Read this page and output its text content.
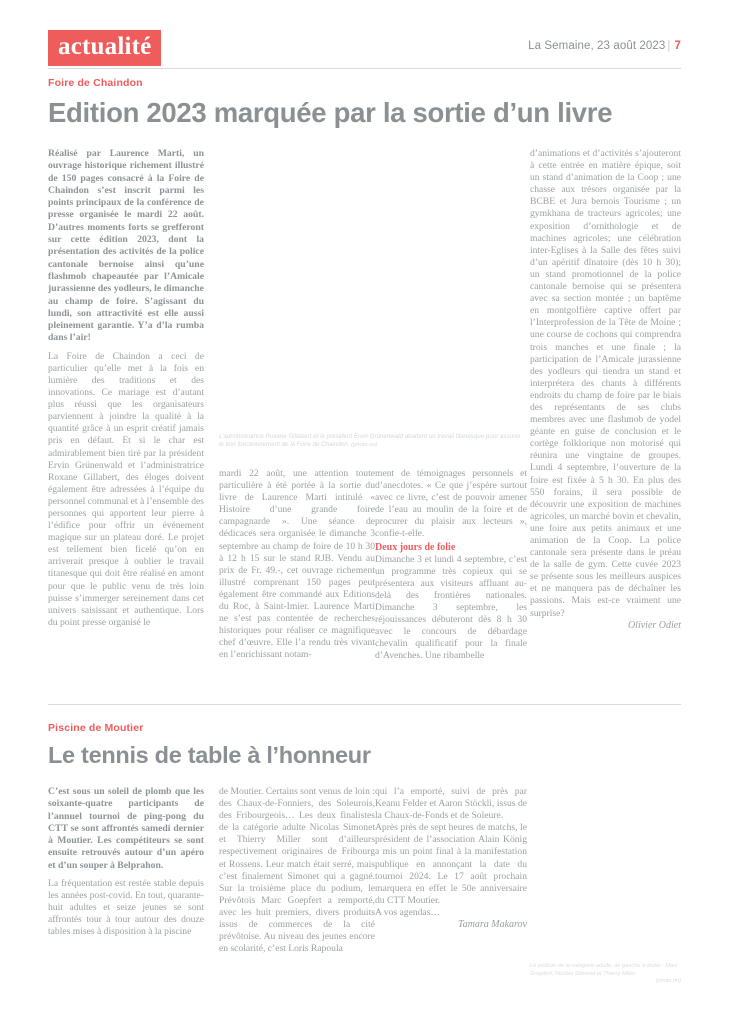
actualité	La Semaine, 23 août 2023 | 7
Foire de Chaindon
Edition 2023 marquée par la sortie d’un livre

Réalisé par Laurence Marti, un ouvrage historique richement illustré de 150 pages consacré à la Foire de Chaindon s’est inscrit parmi les points principaux de la conférence de presse organisée le mardi 22 août. D’autres moments forts se grefferont sur cette édition 2023, dont la présentation des activités de la police cantonale bernoise ainsi qu’une flashmob chapeautée par l’Amicale jurassienne des yodleurs, le dimanche au champ de foire. S’agissant du lundi, son attractivité est elle aussi pleinement garantie. Y’a d’la rumba dans l’air!

La Foire de Chaindon a ceci de particulier qu’elle met à la fois en lumière des traditions et des innovations. Ce mariage est d’autant plus réussi que les organisateurs parviennent à joindre la qualité à la quantité grâce à un esprit créatif jamais pris en défaut. Et si le char est admirablement bien tiré par la président Ervin Grünenwald et l’administratrice Roxane Gillabert, des éloges doivent également être adressées à l’équipe du personnel communal et à l’ensemble des personnes qui apportent leur pierre à l’édifice pour offrir un événement magique sur un plateau doré. Le projet est tellement bien ficelé qu’on en arriverait presque à oublier le travail titanesque qui doit être réalisé en amont pour que le public venu de très loin puisse s’immerger sereinement dans cet univers saisissant et authentique. Lors du point presse organisé le

L’administratrice Roxane Gillabert et le président Ervin Grünenwald abattent un travail titanesque pour assurer le bon fonctionnement de la Foire de Chaindon. (photo oo)

mardi 22 août, une attention toute particulière à été portée à la sortie du livre de Laurence Marti intitulé « Histoire d’une grande foire campagnarde ». Une séance de dédicaces sera organisée le dimanche 3 septembre au champ de foire de 10 h 30 à 12 h 15 sur le stand RJB. Vendu au prix de Fr. 49.-, cet ouvrage richement illustré comprenant 150 pages peut également être commandé aux Editions du Roc, à Saint-Imier. Laurence Marti ne s’est pas contentée de recherches historiques pour réaliser ce magnifique chef d’œuvre. Elle l’a rendu très vivant en l’enrichissant notam-

ment de témoignages personnels et d’anecdotes. « Ce que j’espère surtout avec ce livre, c’est de pouvoir amener de l’eau au moulin de la foire et de procurer du plaisir aux lecteurs », confie-t-elle.

Deux jours de folie

Dimanche 3 et lundi 4 septembre, c’est un programme très copieux qui se présentera aux visiteurs affluant au-delà des frontières nationales. Dimanche 3 septembre, les réjouissances débuteront dès 8 h 30 avec le concours de débardage chevalin qualificatif pour la finale d’Avenches. Une ribambelle

d’animations et d’activités s’ajouteront à cette entrée en matière épique, soit un stand d’animation de la Coop ; une chasse aux trésors organisée par la BCBE et Jura bernois Tourisme ; un gymkhana de tracteurs agricoles; une exposition d’ornithologie et de machines agricoles; une célébration inter-Eglises à la Salle des fêtes suivi d’un apéritif dînatoire (dès 10 h 30); un stand promotionnel de la police cantonale bernoise qui se présentera avec sa section montée ; un baptême en montgolfière captive offert par l’Interprofession de la Tête de Moine ; une course de cochons qui comprendra trois manches et une finale ; la participation de l’Amicale jurassienne des yodleurs qui tiendra un stand et interprétera des chants à différents endroits du champ de foire par le biais des représentants de ses clubs membres avec une flashmob de yodel géante en guise de conclusion et le cortège folklorique non motorisé qui réunira une vingtaine de groupes. Lundi 4 septembre, l’ouverture de la foire est fixée à 5 h 30. En plus des 550 forains, il sera possible de découvrir une exposition de machines agricoles, un marché bovin et chevalin, une foire aux petits animaux et une animation de la Coop. La police cantonale sera présente dans le préau de la salle de gym. Cette cuvée 2023 se présente sous les meilleurs auspices et ne manquera pas de déchaîner les passions. Mais est-ce vraiment une surprise?

Olivier Odiet

Piscine de Moutier
Le tennis de table à l’honneur

C’est sous un soleil de plomb que les soixante-quatre participants de l’annuel tournoi de ping-pong du CTT se sont affrontés samedi dernier à Moutier. Les compétiteurs se sont ensuite retrouvés autour d’un apéro et d’un souper à Belprahon.

La fréquentation est restée stable depuis les années post-covid. En tout, quarante-huit adultes et seize jeunes se sont affrontés tour à tour autour des douze tables mises à disposition à la piscine

de Moutier. Certains sont venus de loin : des Chaux-de-Fonniers, des Soleurois, des Fribourgeois… Les deux finalistes de la catégorie adulte Nicolas Simonet et Thierry Miller sont d’ailleurs respectivement originaires de Fribourg et Rossens. Leur match était serré, mais c’est finalement Simonet qui a gagné. Sur la troisième place du podium, le Prévôtois Marc Goepfert a remporté, avec les huit premiers, divers produits issus de commerces de la cité prévôtoise. Au niveau des jeunes encore en scolarité, c’est Loris Rapoula

qui l’a emporté, suivi de près par Keanu Felder et Aaron Stöckli, issus de la Chaux-de-Fonds et de Soleure.

Après près de sept heures de matchs, le président de l’association Alain König a mis un point final à la manifestation publique en annonçant la date du tournoi 2024. Le 17 août prochain marquera en effet le 50e anniversaire du CTT Moutier.

A vos agendas…

Tamara Makarov

Le podium de la catégorie adulte, de gauche à droite : Marc Goepfert, Nicolas Simonet et Thierry Miller.
(photo tm)
